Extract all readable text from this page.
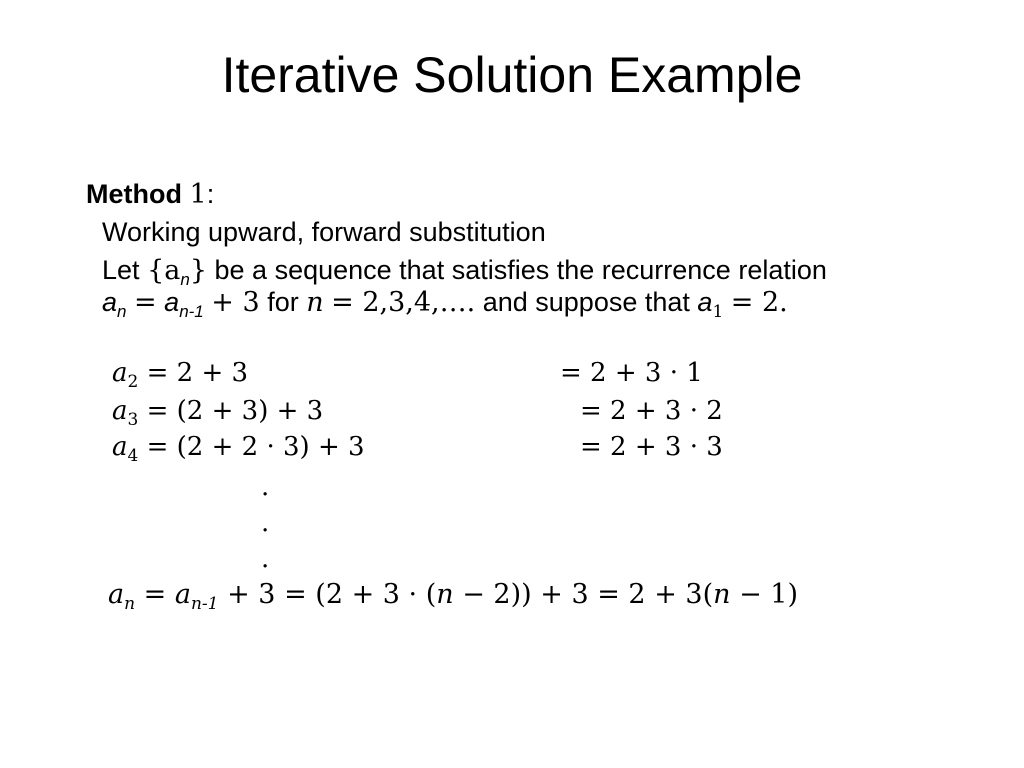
Iterative Solution Example
Method 1:
Working upward, forward substitution
Let $\{a_n\}$ be a sequence that satisfies the recurrence relation
$a_n = a_{n-1} + 3$ for n = 2,3,4,…. and suppose that $a_1 = 2$.
$a_2 = 2 + 3$	= 2 + 3 · 1
$a_3 = (2 + 3) + 3$	= 2 + 3 · 2
$a_4 = (2 + 2 \cdot 3) + 3$	= 2 + 3 · 3
.
.
.
$a_n = a_{n-1} + 3 = (2 + 3 \cdot (n - 2)) + 3 = 2 + 3(n - 1)$
